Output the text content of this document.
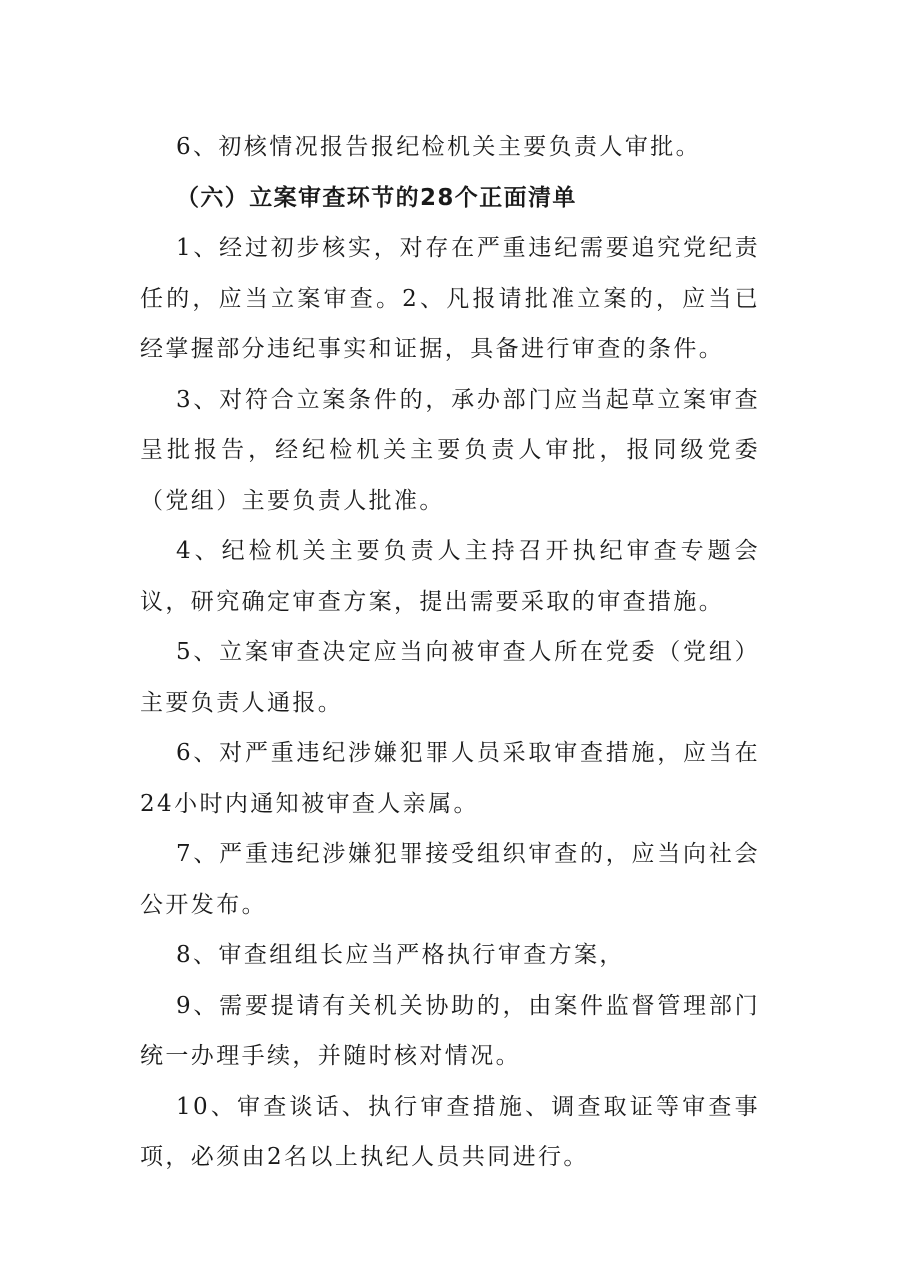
6、初核情况报告报纪检机关主要负责人审批。

（六）立案审查环节的28个正面清单

1、经过初步核实，对存在严重违纪需要追究党纪责任的，应当立案审查。2、凡报请批准立案的，应当已经掌握部分违纪事实和证据，具备进行审查的条件。

3、对符合立案条件的，承办部门应当起草立案审查呈批报告，经纪检机关主要负责人审批，报同级党委（党组）主要负责人批准。

4、纪检机关主要负责人主持召开执纪审查专题会议，研究确定审查方案，提出需要采取的审查措施。

5、立案审查决定应当向被审查人所在党委（党组）主要负责人通报。

6、对严重违纪涉嫌犯罪人员采取审查措施，应当在24小时内通知被审查人亲属。

7、严重违纪涉嫌犯罪接受组织审查的，应当向社会公开发布。

8、审查组组长应当严格执行审查方案，

9、需要提请有关机关协助的，由案件监督管理部门统一办理手续，并随时核对情况。

10、审查谈话、执行审查措施、调查取证等审查事项，必须由2名以上执纪人员共同进行。
